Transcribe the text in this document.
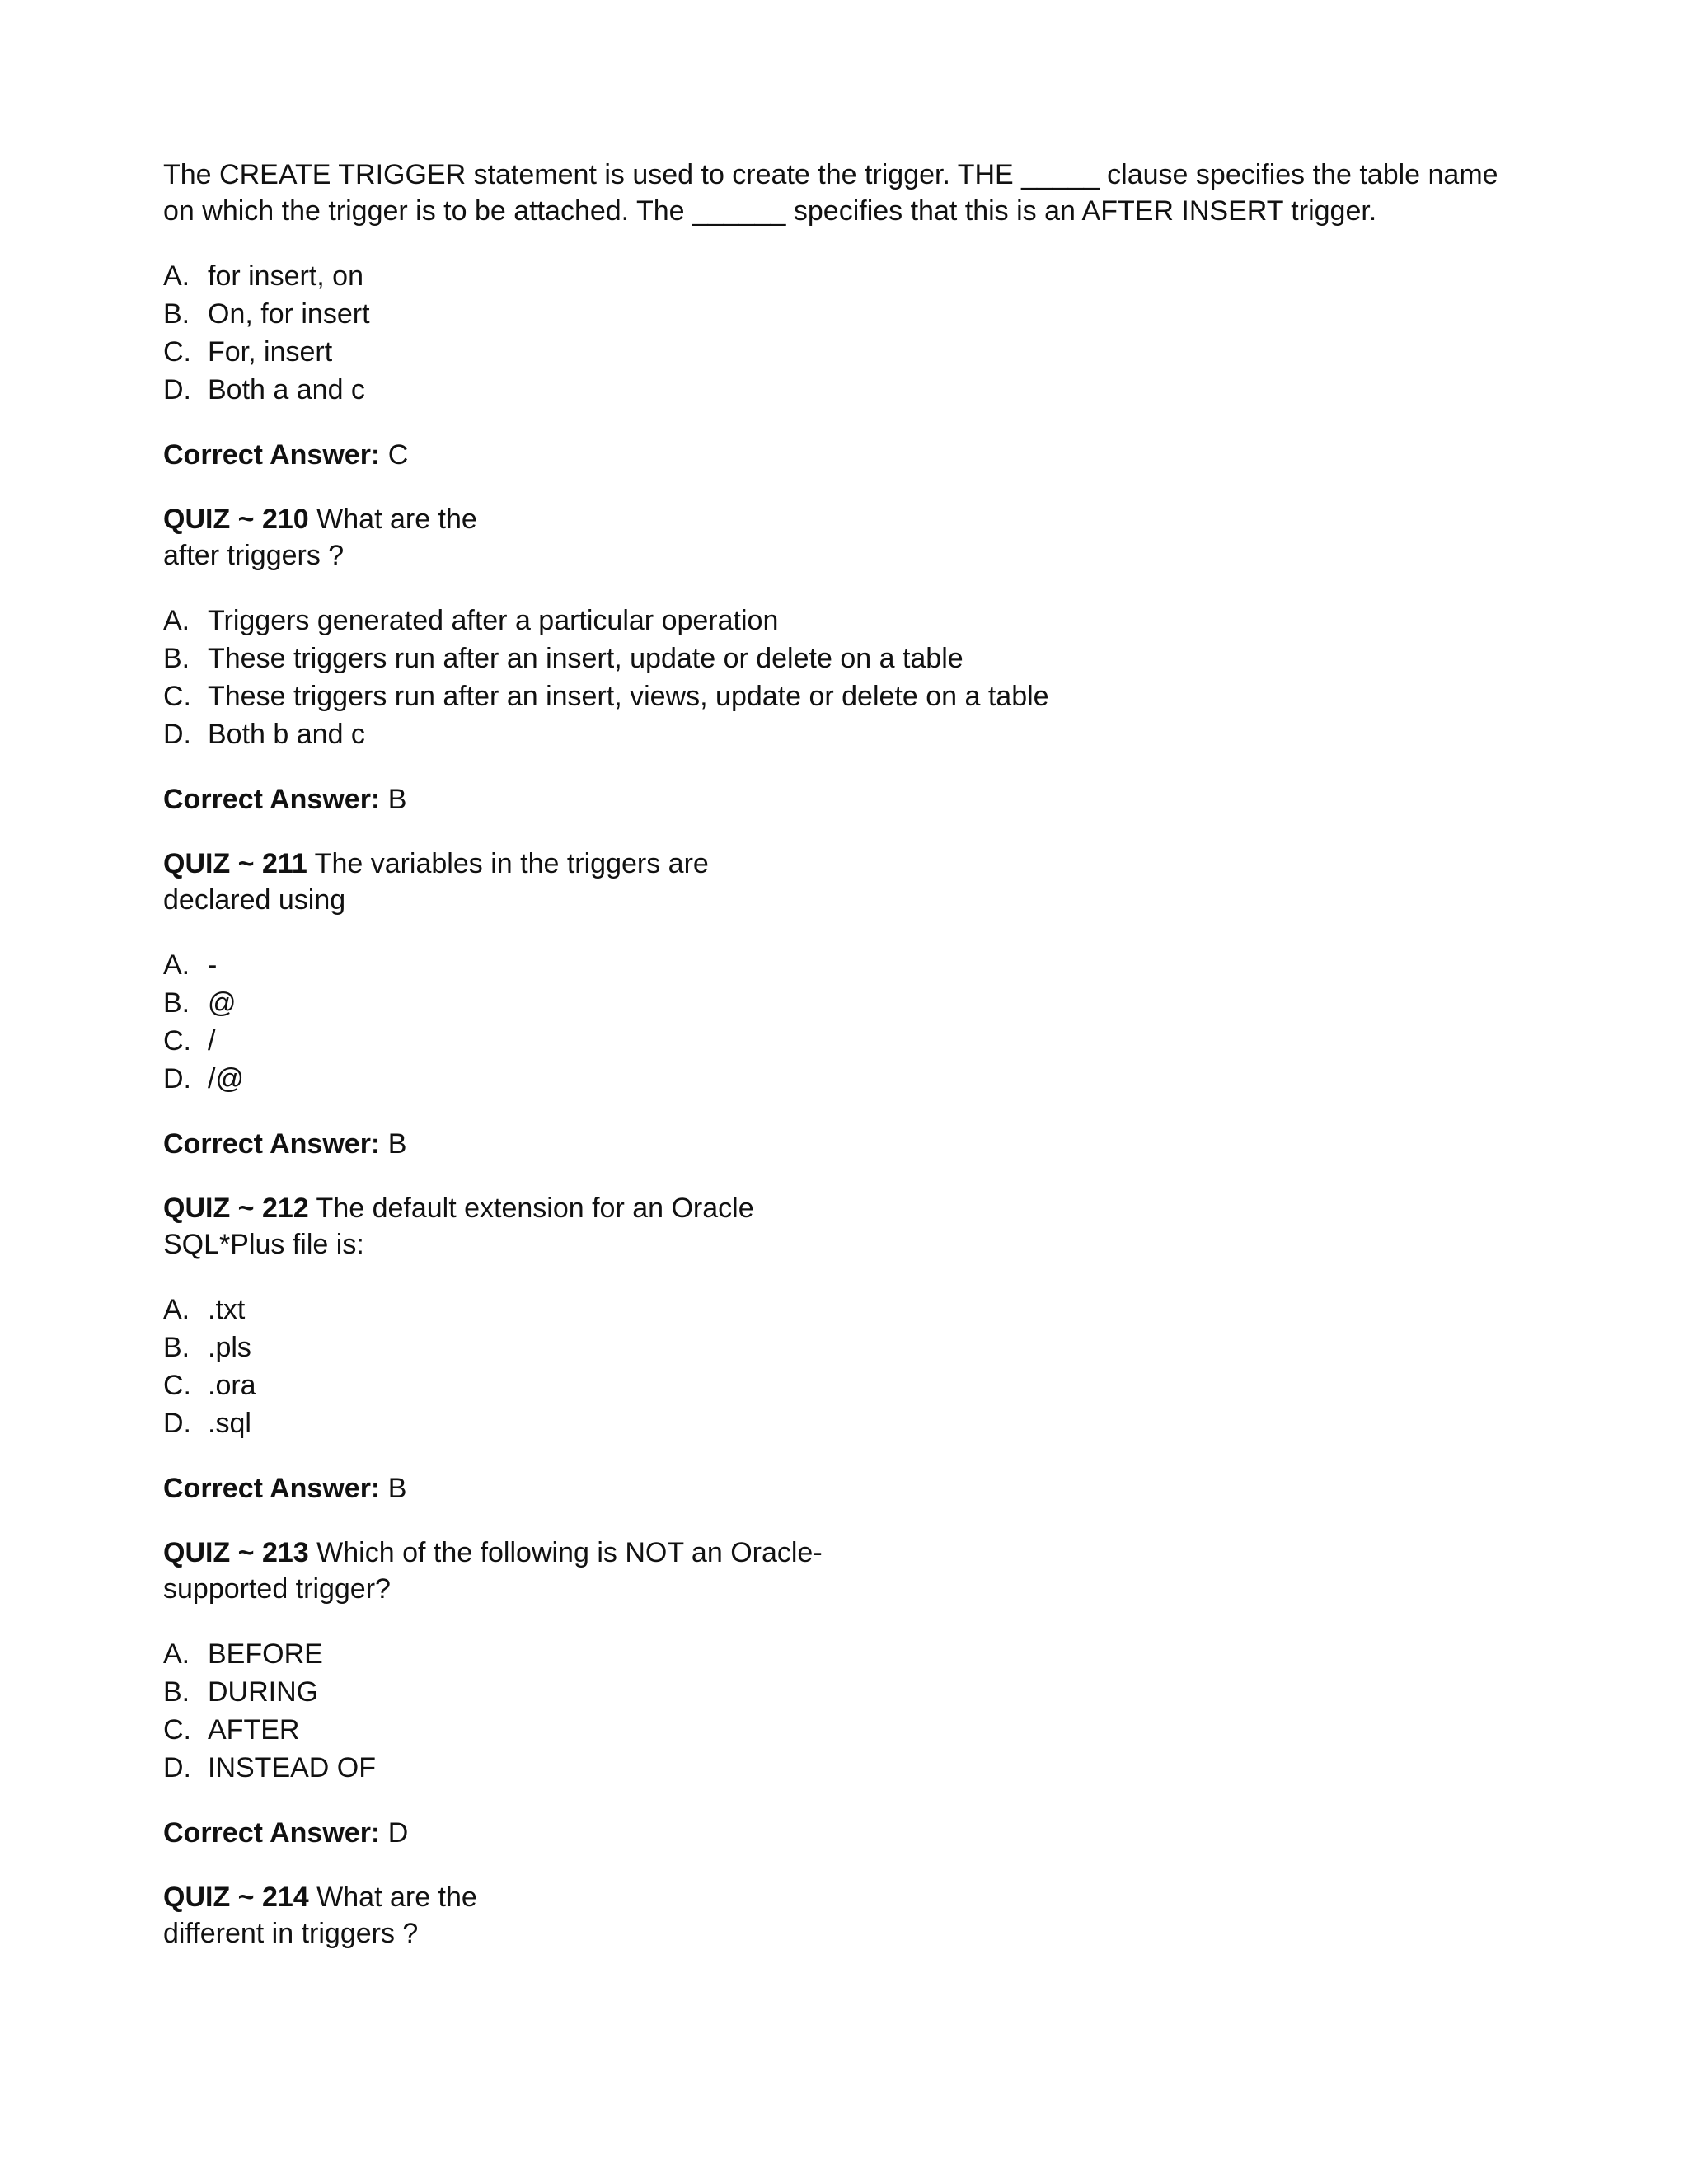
The CREATE TRIGGER statement is used to create the trigger. THE _____ clause specifies the table name
on which the trigger is to be attached. The ______ specifies that this is an AFTER INSERT trigger.
A. for insert, on
B. On, for insert
C. For, insert
D. Both a and c
Correct Answer: C
QUIZ ~ 210 What are the
after triggers ?
A. Triggers generated after a particular operation
B. These triggers run after an insert, update or delete on a table
C. These triggers run after an insert, views, update or delete on a table
D. Both b and c
Correct Answer: B
QUIZ ~ 211 The variables in the triggers are
declared using
A. -
B. @
C. /
D. /@
Correct Answer: B
QUIZ ~ 212 The default extension for an Oracle
SQL*Plus file is:
A. .txt
B. .pls
C. .ora
D. .sql
Correct Answer: B
QUIZ ~ 213 Which of the following is NOT an Oracle-
supported trigger?
A. BEFORE
B. DURING
C. AFTER
D. INSTEAD OF
Correct Answer: D
QUIZ ~ 214 What are the
different in triggers ?
